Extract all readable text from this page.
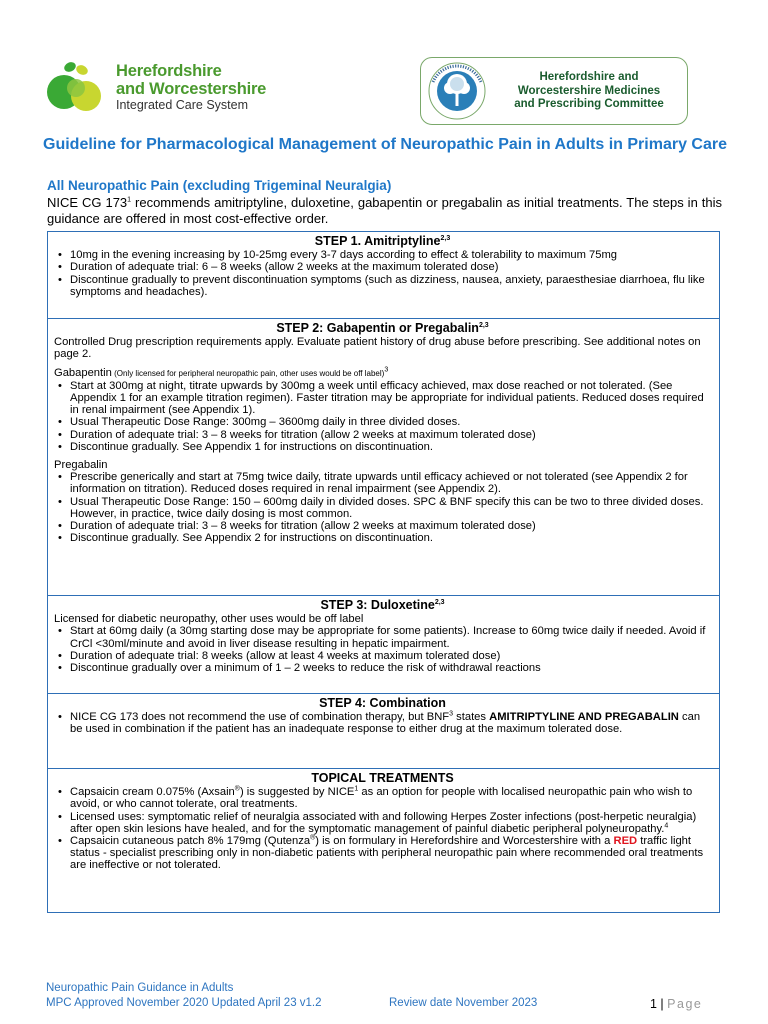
Herefordshire
and Worcestershire
Integrated Care System
Herefordshire and
Worcestershire Medicines
and Prescribing Committee
Guideline for Pharmacological Management of Neuropathic Pain in Adults in Primary Care
All Neuropathic Pain (excluding Trigeminal Neuralgia)
NICE CG $173^1$ recommends amitriptyline, duloxetine, gabapentin or pregabalin as initial treatments. The steps in this guidance are offered in most cost-effective order.
STEP 1. Amitriptyline$^{2,3}$
• 10mg in the evening increasing by 10-25mg every 3-7 days according to effect & tolerability to maximum 75mg
• Duration of adequate trial: 6 – 8 weeks (allow 2 weeks at the maximum tolerated dose)
• Discontinue gradually to prevent discontinuation symptoms (such as dizziness, nausea, anxiety, paraesthesiae diarrhoea, flu like symptoms and headaches).
STEP 2: Gabapentin or Pregabalin$^{2,3}$

Controlled Drug prescription requirements apply. Evaluate patient history of drug abuse before prescribing. See additional notes on page 2.

Gabapentin (Only licensed for peripheral neuropathic pain, other uses would be off label)$^3$

• Start at 300mg at night, titrate upwards by 300mg a week until efficacy achieved, max dose reached or not tolerated. (See Appendix 1 for an example titration regimen). Faster titration may be appropriate for individual patients. Reduced doses required in renal impairment (see Appendix 1).
• Usual Therapeutic Dose Range: 300mg – 3600mg daily in three divided doses.
• Duration of adequate trial: 3 – 8 weeks for titration (allow 2 weeks at maximum tolerated dose)
• Discontinue gradually. See Appendix 1 for instructions on discontinuation.

Pregabalin

• Prescribe generically and start at 75mg twice daily, titrate upwards until efficacy achieved or not tolerated (see Appendix 2 for information on titration). Reduced doses required in renal impairment (see Appendix 2).
• Usual Therapeutic Dose Range: 150 – 600mg daily in divided doses. SPC & BNF specify this can be two to three divided doses. However, in practice, twice daily dosing is most common.
• Duration of adequate trial: 3 – 8 weeks for titration (allow 2 weeks at maximum tolerated dose)
• Discontinue gradually. See Appendix 2 for instructions on discontinuation.
STEP 3: Duloxetine$^{2,3}$

Licensed for diabetic neuropathy, other uses would be off label

• Start at 60mg daily (a 30mg starting dose may be appropriate for some patients). Increase to 60mg twice daily if needed. Avoid if CrCl <30ml/minute and avoid in liver disease resulting in hepatic impairment.
• Duration of adequate trial: 8 weeks (allow at least 4 weeks at maximum tolerated dose)
• Discontinue gradually over a minimum of 1 – 2 weeks to reduce the risk of withdrawal reactions
STEP 4: Combination
• NICE CG 173 does not recommend the use of combination therapy, but BNF$^3$ states AMITRIPTYLINE AND PREGABALIN can be used in combination if the patient has an inadequate response to either drug at the maximum tolerated dose.
TOPICAL TREATMENTS
• Capsaicin cream 0.075% (Axsain®) is suggested by NICE$^1$ as an option for people with localised neuropathic pain who wish to avoid, or who cannot tolerate, oral treatments.
• Licensed uses: symptomatic relief of neuralgia associated with and following Herpes Zoster infections (post-herpetic neuralgia) after open skin lesions have healed, and for the symptomatic management of painful diabetic peripheral polyneuropathy.$^4$
• Capsaicin cutaneous patch 8% 179mg (Qutenza®) is on formulary in Herefordshire and Worcestershire with a RED traffic light status - specialist prescribing only in non-diabetic patients with peripheral neuropathic pain where recommended oral treatments are ineffective or not tolerated.
Neuropathic Pain Guidance in Adults
MPC Approved November 2020 Updated April 23 v1.2	Review date November 2023	1 | Page
